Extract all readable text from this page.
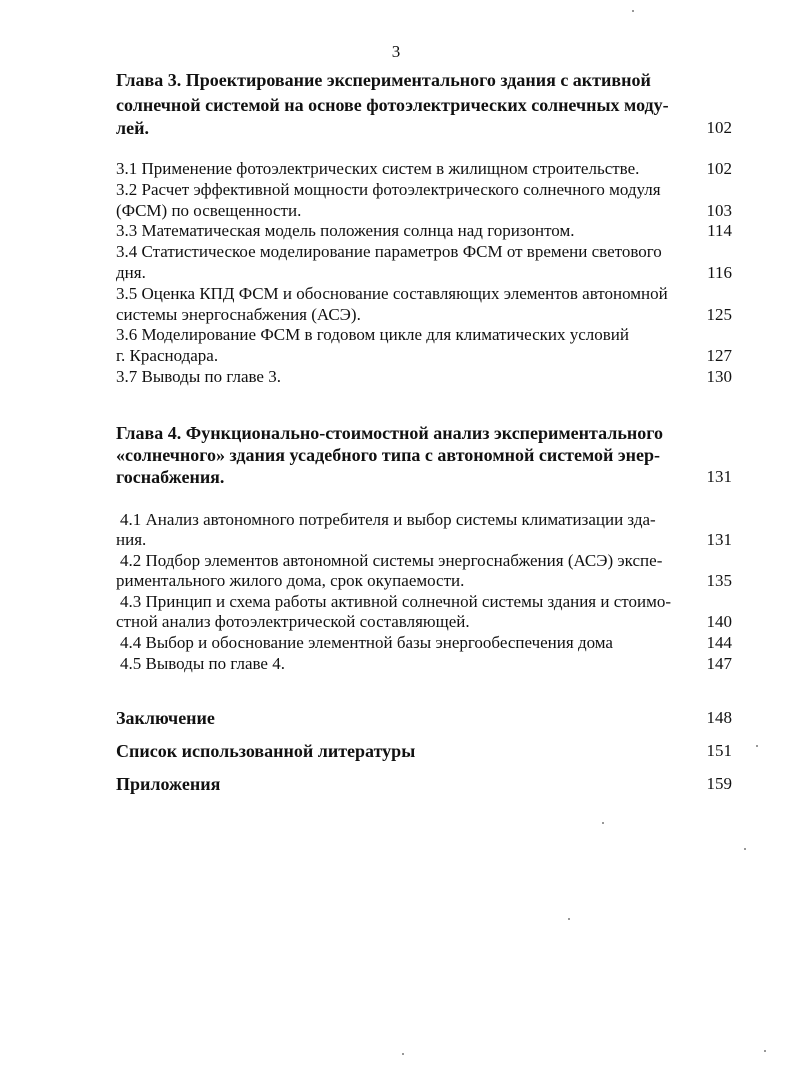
3
Глава 3. Проектирование экспериментального здания с активной
солнечной системой на основе фотоэлектрических солнечных моду-
лей.	102
3.1 Применение фотоэлектрических систем в жилищном строительстве.	102
3.2 Расчет эффективной мощности фотоэлектрического солнечного модуля
(ФСМ) по освещенности.	103
3.3 Математическая модель положения солнца над горизонтом.	114
3.4 Статистическое моделирование параметров ФСМ от времени светового
дня.	116
3.5 Оценка КПД ФСМ и обоснование составляющих элементов автономной
системы энергоснабжения (АСЭ).	125
3.6 Моделирование ФСМ в годовом цикле для климатических условий
г. Краснодара.	127
3.7 Выводы по главе 3.	130
Глава 4. Функционально-стоимостной анализ экспериментального
«солнечного» здания усадебного типа с автономной системой энер-
госнабжения.	131
4.1 Анализ автономного потребителя и выбор системы климатизации зда-
ния.	131
4.2 Подбор элементов автономной системы энергоснабжения (АСЭ) экспе-
риментального жилого дома, срок окупаемости.	135
4.3 Принцип и схема работы активной солнечной системы здания и стоимо-
стной анализ фотоэлектрической составляющей.	140
4.4 Выбор и обоснование элементной базы энергообеспечения дома	144
4.5 Выводы по главе 4.	147
Заключение	148
Список использованной литературы	151
Приложения	159
